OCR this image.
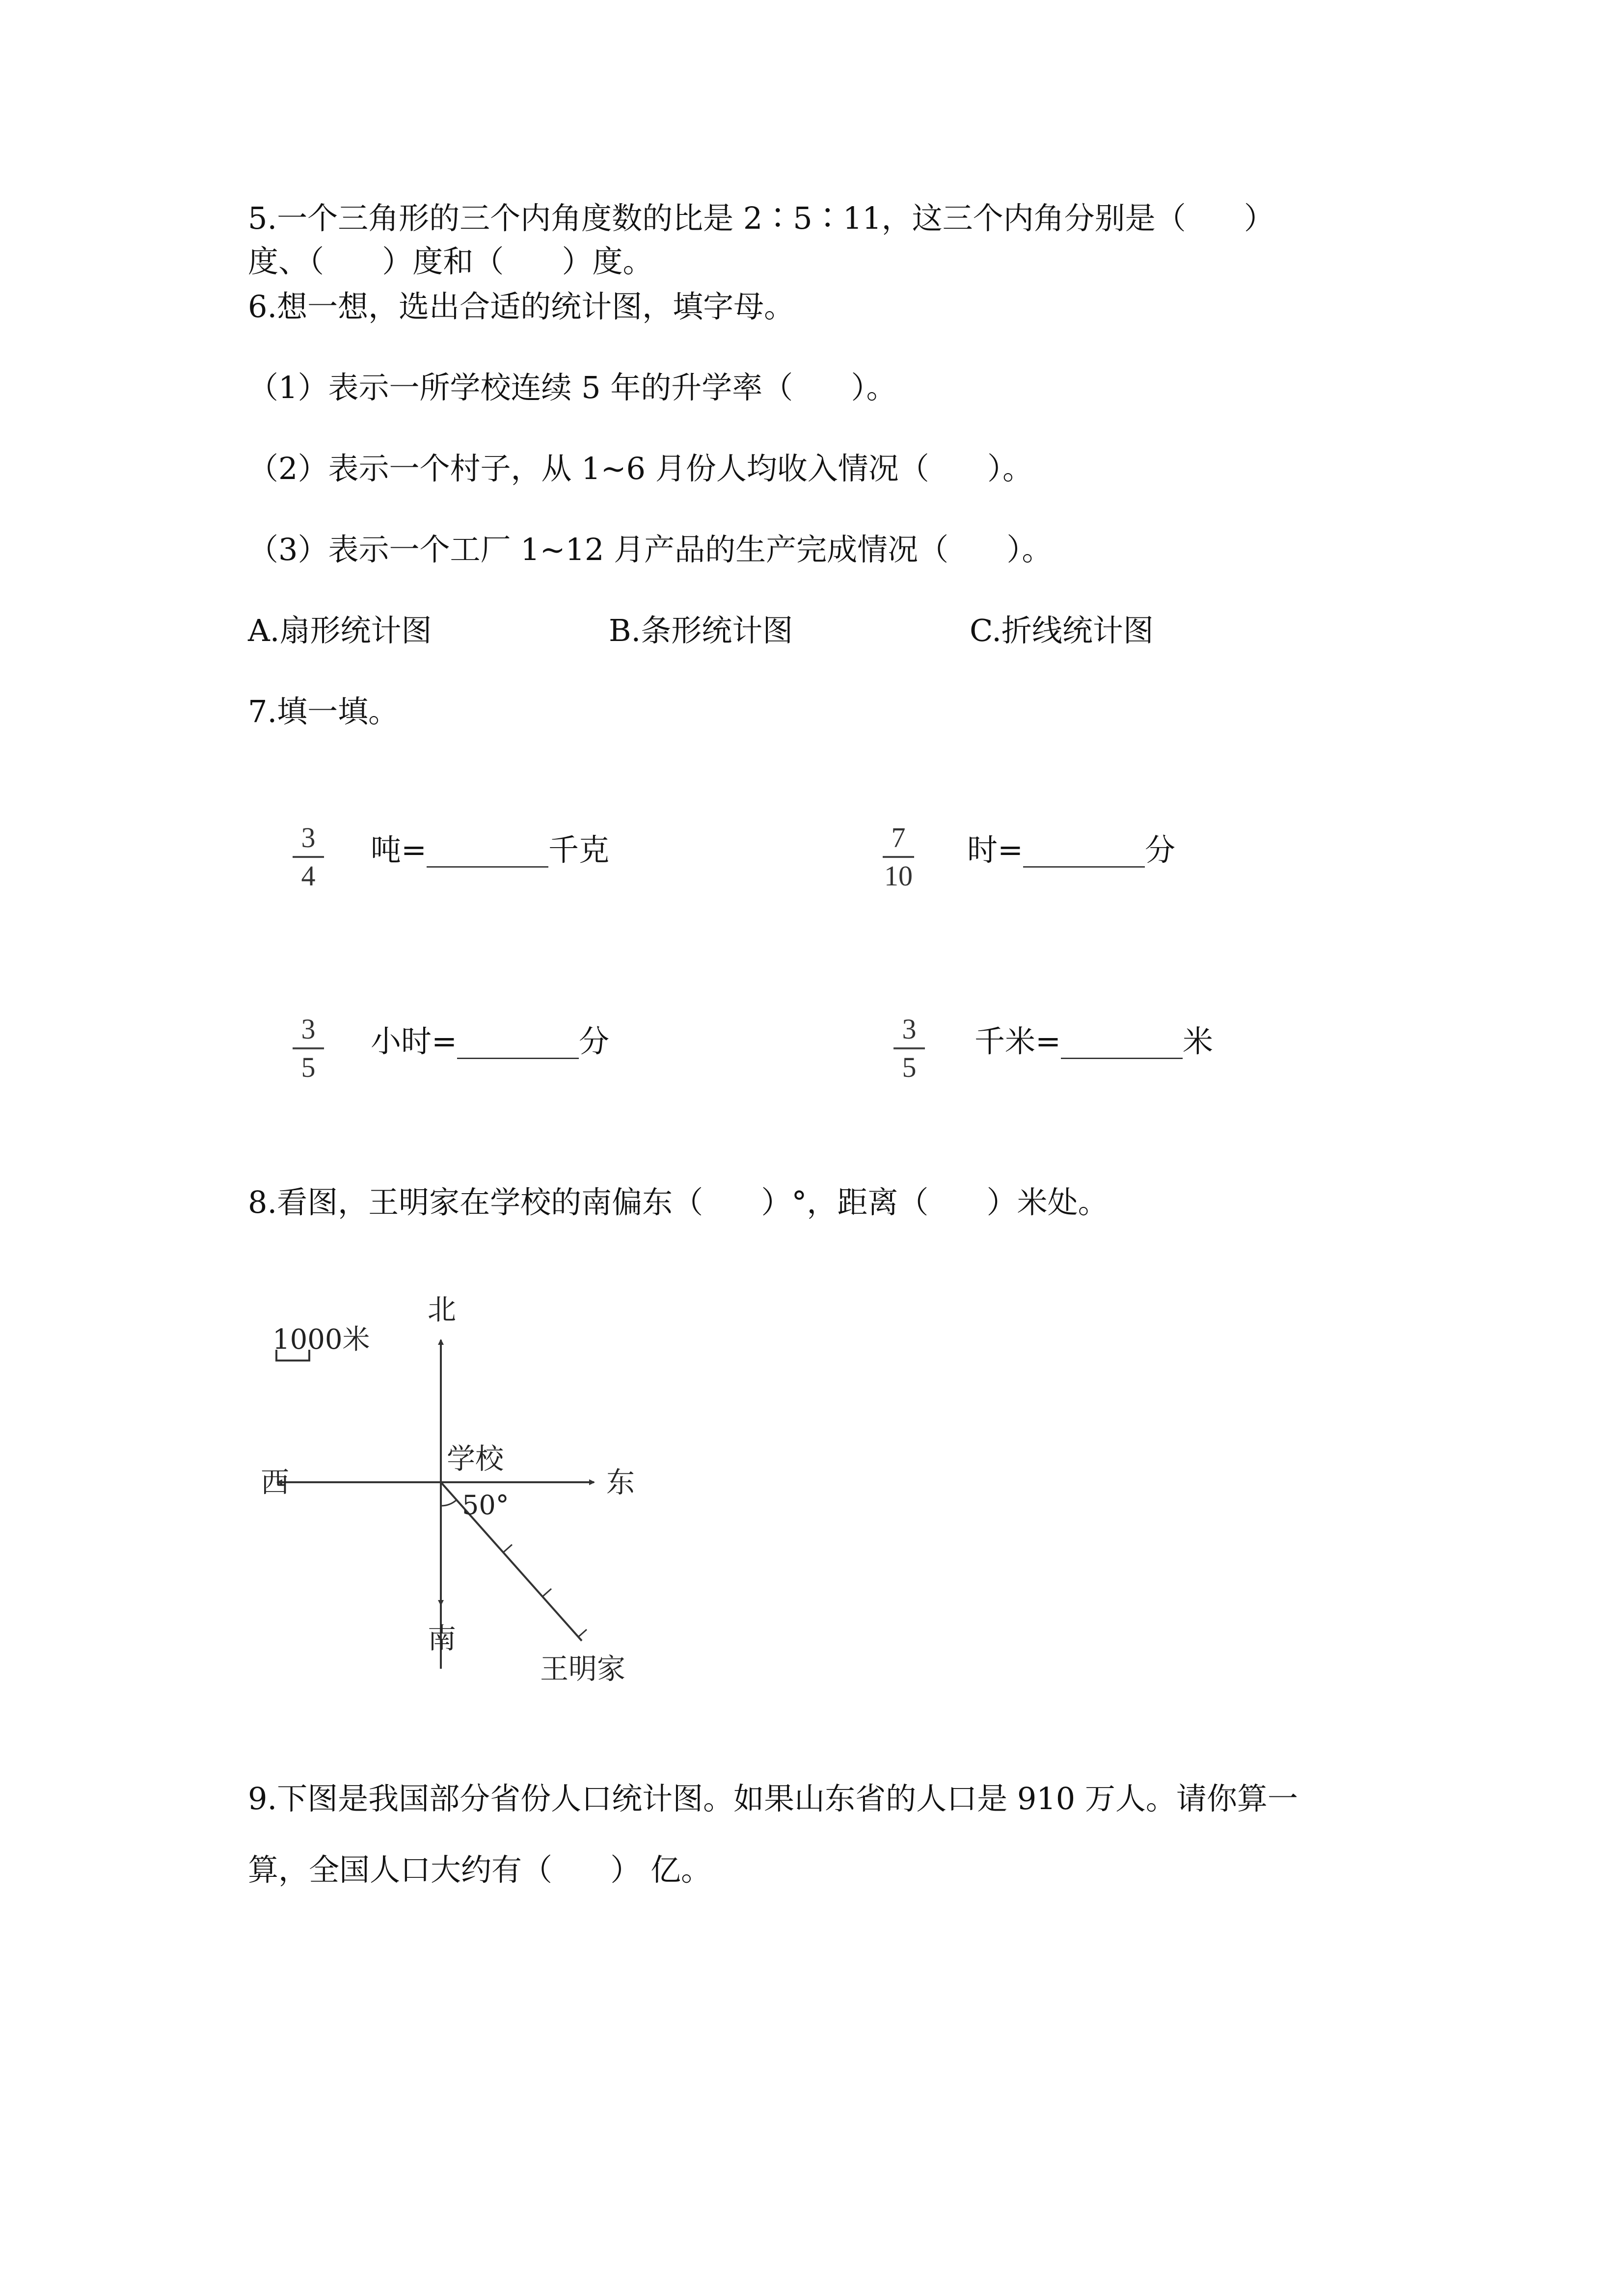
5.一个三角形的三个内角度数的比是 2∶5∶11，这三个内角分别是（      ）
度、（      ）度和（      ）度。
6.想一想，选出合适的统计图，填字母。
（1）表示一所学校连续 5 年的升学率（      ）。
（2）表示一个村子，从 1~6 月份人均收入情况（      ）。
（3）表示一个工厂 1~12 月产品的生产完成情况（      ）。
A.扇形统计图	B.条形统计图	C.折线统计图
7.填一填。
3
4
吨=________千克	7
10
时=________分
3
5
小时=________分	3
5
千米=________米
8.看图，王明家在学校的南偏东（      ）°，距离（      ）米处。
北
南
东
西
学校
50°
王明家
1000米
9.下图是我国部分省份人口统计图。如果山东省的人口是 910 万人。请你算一
算，全国人口大约有（      ） 亿。
